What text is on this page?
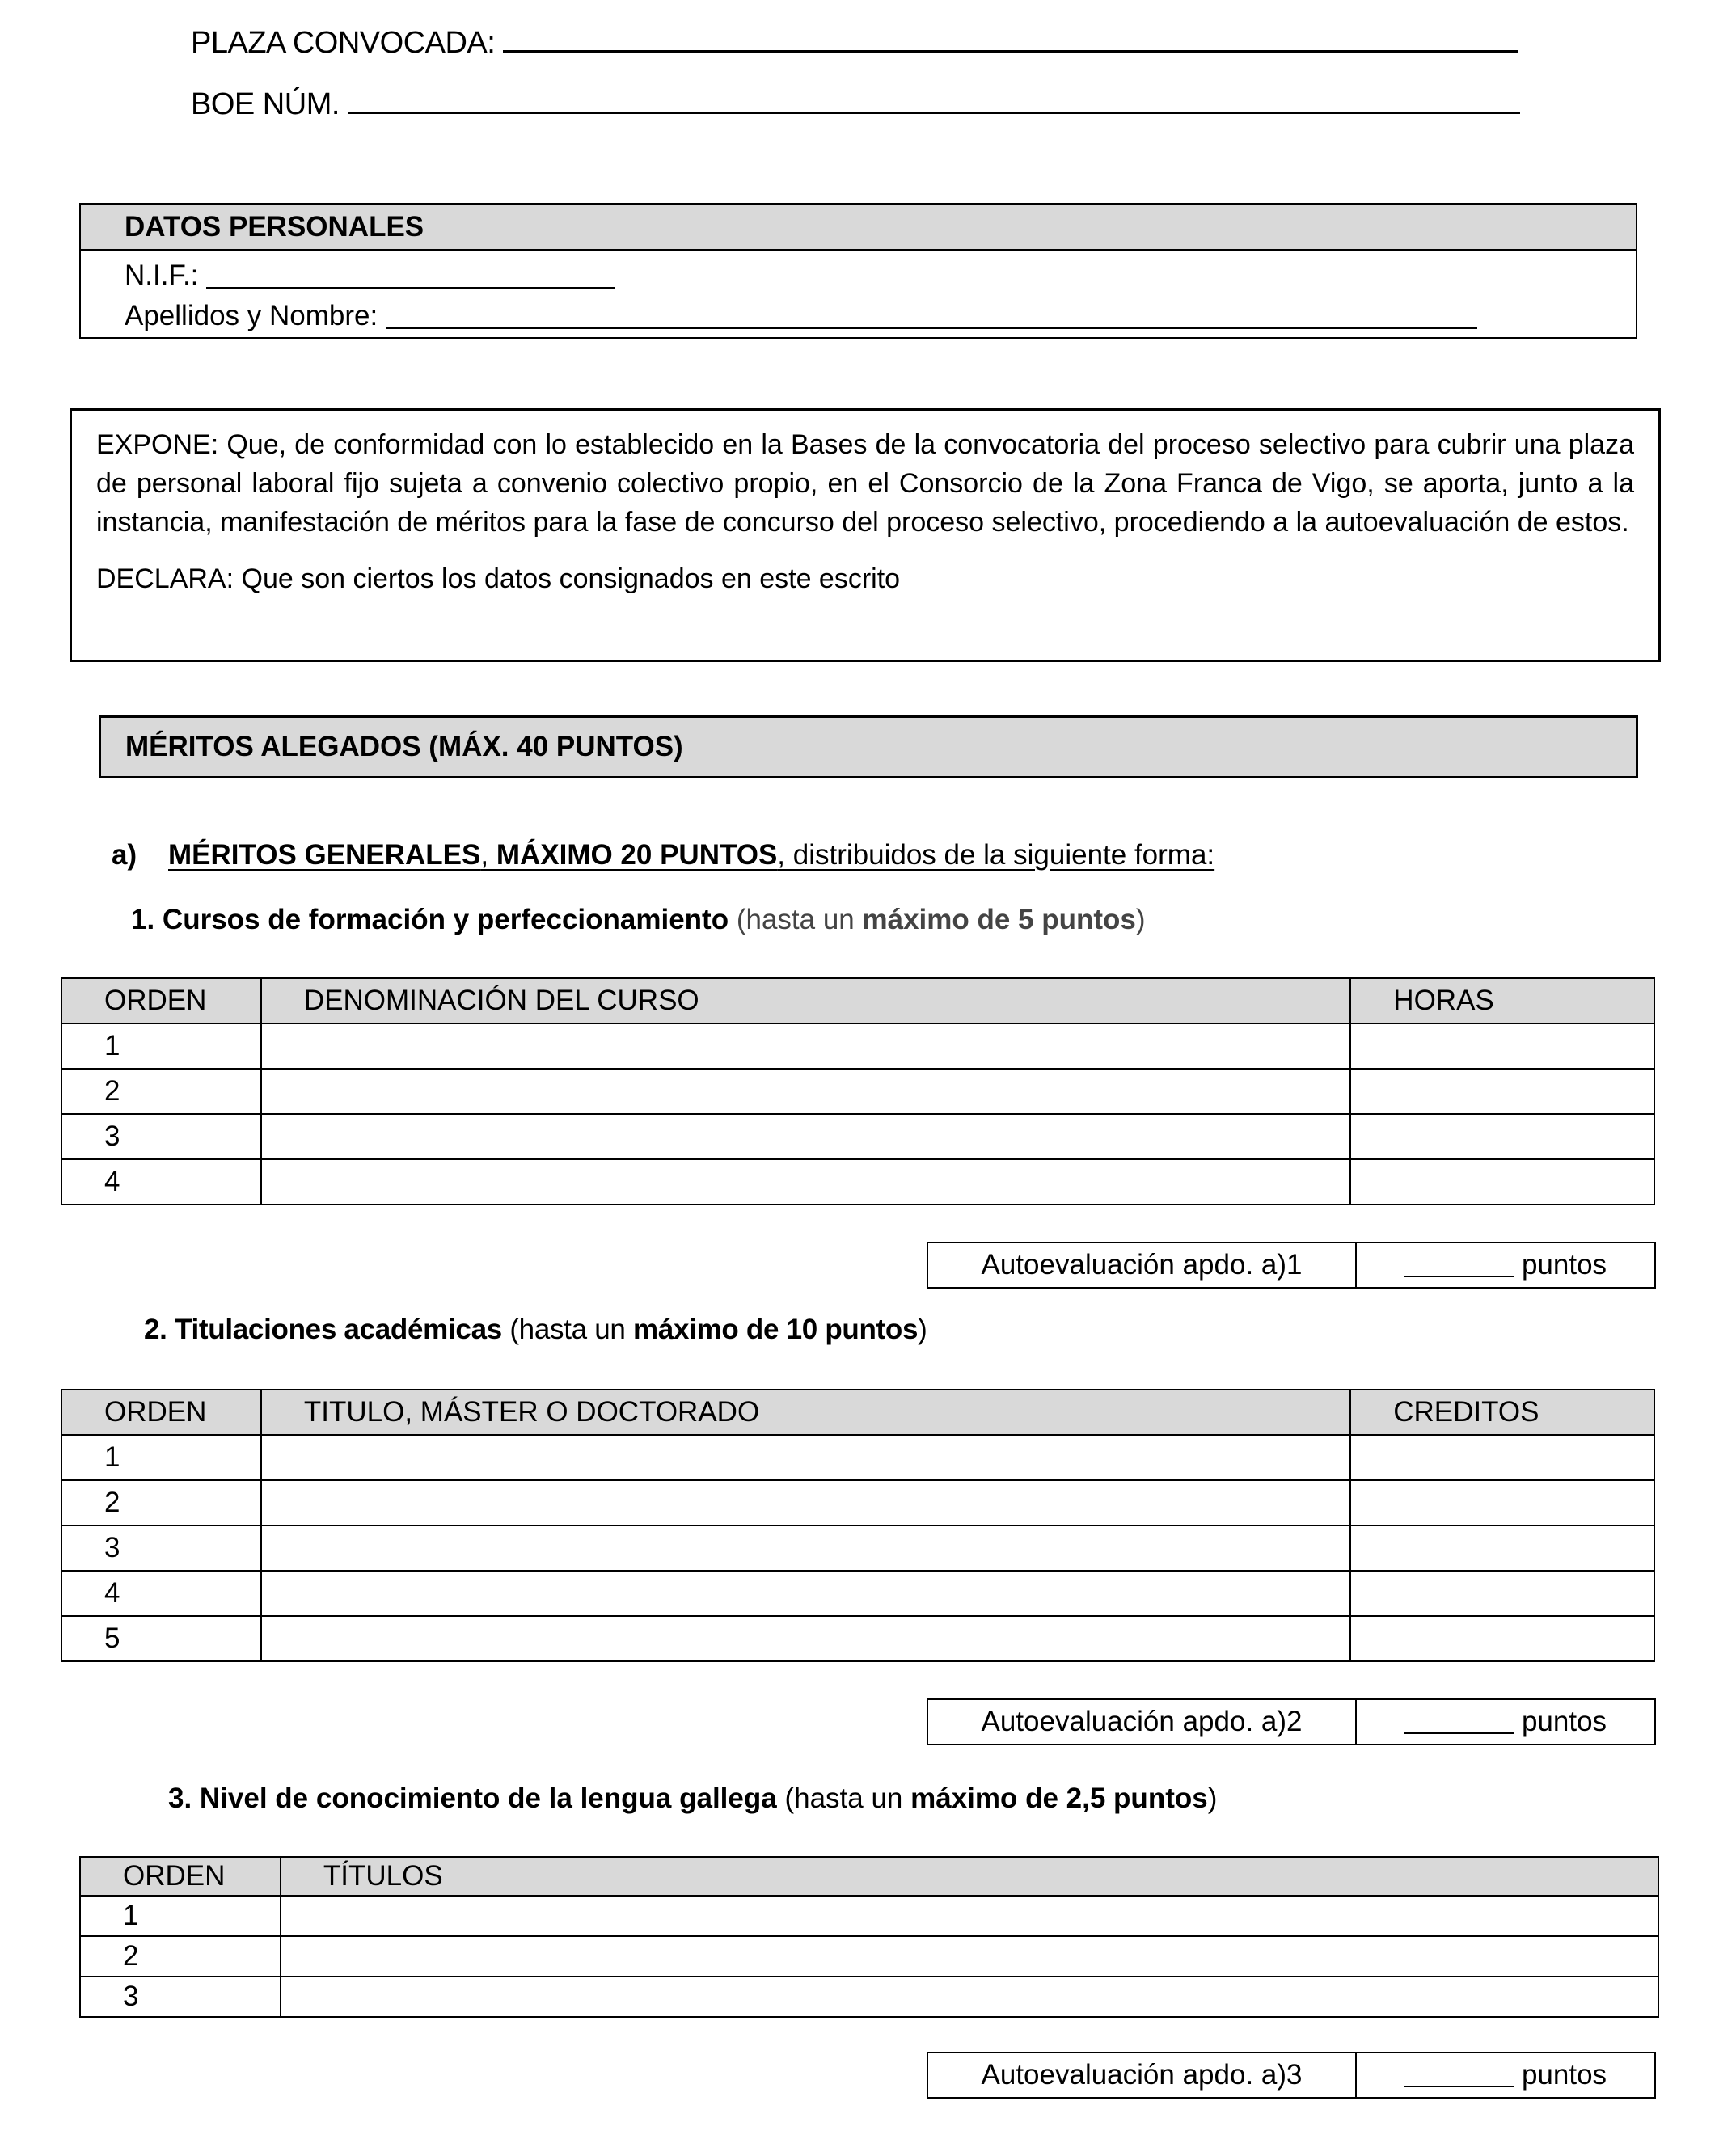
PLAZA CONVOCADA:
BOE NÚM.
DATOS PERSONALES
N.I.F.:
Apellidos y Nombre:

EXPONE: Que, de conformidad con lo establecido en la Bases de la convocatoria del proceso selectivo para cubrir una plaza de personal laboral fijo sujeta a convenio colectivo propio, en el Consorcio de la Zona Franca de Vigo, se aporta, junto a la instancia, manifestación de méritos para la fase de concurso del proceso selectivo, procediendo a la autoevaluación de estos.

DECLARA: Que son ciertos los datos consignados en este escrito

MÉRITOS ALEGADOS (MÁX. 40 PUNTOS)
a) MÉRITOS GENERALES, MÁXIMO 20 PUNTOS, distribuidos de la siguiente forma:
1. Cursos de formación y perfeccionamiento (hasta un máximo de 5 puntos)
ORDEN	DENOMINACIÓN DEL CURSO	HORAS
1		
2		
3		
4		
Autoevaluación apdo. a)1	puntos
2. Titulaciones académicas (hasta un máximo de 10 puntos)
ORDEN	TITULO, MÁSTER O DOCTORADO	CREDITOS
1		
2		
3		
4		
5		
Autoevaluación apdo. a)2	puntos
3. Nivel de conocimiento de la lengua gallega (hasta un máximo de 2,5 puntos)
ORDEN	TÍTULOS
1	
2	
3	
Autoevaluación apdo. a)3	puntos
